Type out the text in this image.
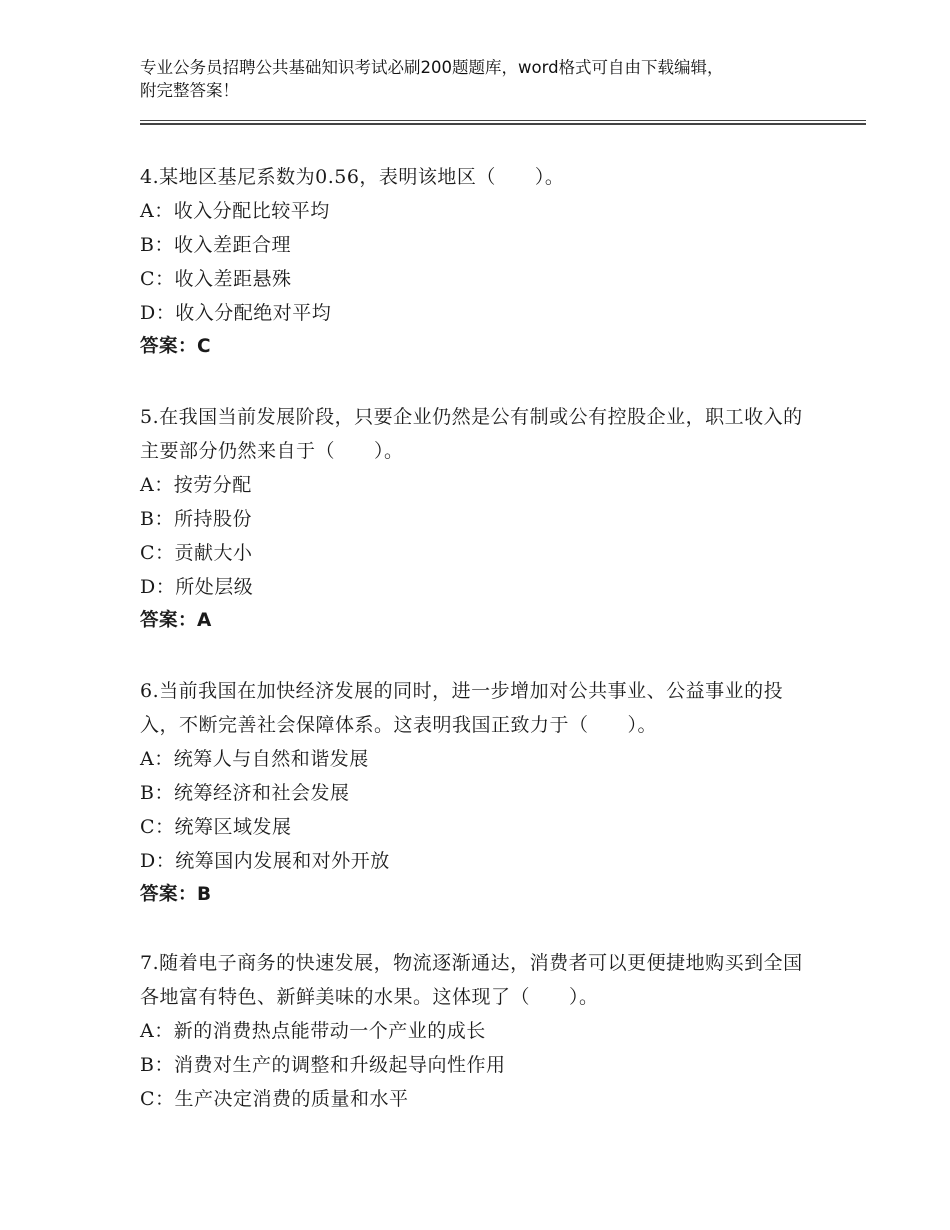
专业公务员招聘公共基础知识考试必刷200题题库，word格式可自由下载编辑，
附完整答案！

4.某地区基尼系数为0.56，表明该地区（　　）。

A：收入分配比较平均

B：收入差距合理

C：收入差距悬殊

D：收入分配绝对平均

答案：C

5.在我国当前发展阶段，只要企业仍然是公有制或公有控股企业，职工收入的主要部分仍然来自于（　　）。

A：按劳分配

B：所持股份

C：贡献大小

D：所处层级

答案：A

6.当前我国在加快经济发展的同时，进一步增加对公共事业、公益事业的投入，不断完善社会保障体系。这表明我国正致力于（　　）。

A：统筹人与自然和谐发展

B：统筹经济和社会发展

C：统筹区域发展

D：统筹国内发展和对外开放

答案：B

7.随着电子商务的快速发展，物流逐渐通达，消费者可以更便捷地购买到全国各地富有特色、新鲜美味的水果。这体现了（　　）。

A：新的消费热点能带动一个产业的成长

B：消费对生产的调整和升级起导向性作用

C：生产决定消费的质量和水平
